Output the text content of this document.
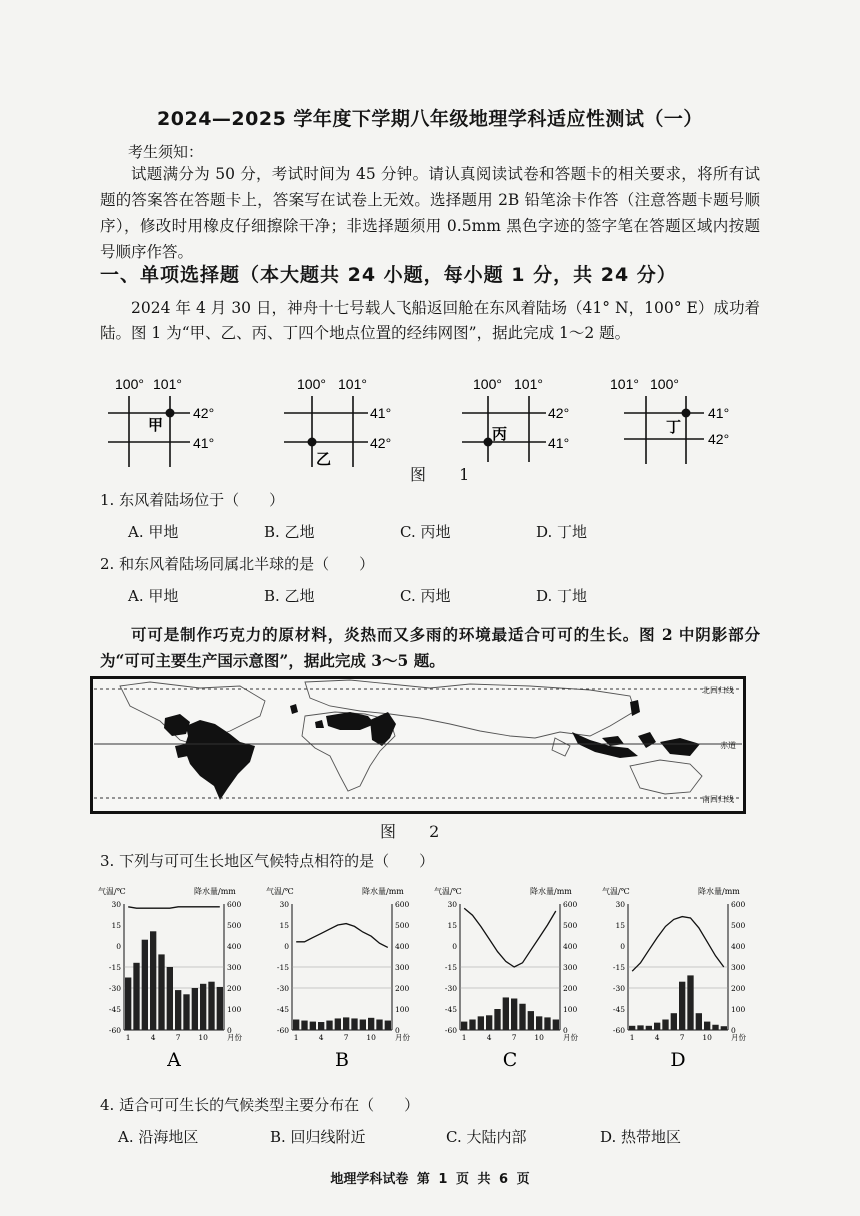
2024—2025 学年度下学期八年级地理学科适应性测试（一）
考生须知：
试题满分为 50 分，考试时间为 45 分钟。请认真阅读试卷和答题卡的相关要求，将所有试题的答案答在答题卡上，答案写在试卷上无效。选择题用 2B 铅笔涂卡作答（注意答题卡题号顺序），修改时用橡皮仔细擦除干净；非选择题须用 0.5mm 黑色字迹的签字笔在答题区域内按题号顺序作答。
一、单项选择题（本大题共 24 小题，每小题 1 分，共 24 分）
2024 年 4 月 30 日，神舟十七号载人飞船返回舱在东风着陆场（41° N，100° E）成功着陆。图 1 为“甲、乙、丙、丁四个地点位置的经纬网图”，据此完成 1～2 题。
100° 101°
42°
41°
甲
100° 101°
41°
42°
乙
100° 101°
42°
41°
丙
101° 100°
41°
42°
丁
图 1
1. 东风着陆场位于（　　）
A. 甲地	B. 乙地	C. 丙地	D. 丁地
2. 和东风着陆场同属北半球的是（　　）
A. 甲地	B. 乙地	C. 丙地	D. 丁地
可可是制作巧克力的原材料，炎热而又多雨的环境最适合可可的生长。图 2 中阴影部分为“可可主要生产国示意图”，据此完成 3～5 题。
北回归线
赤道
南回归线
图 2
3. 下列与可可生长地区气候特点相符的是（　　）
气温/℃	降水量/mm
30
15
0
-15
-30
-45
-60
600
500
400
300
200
100
0
1	4	7 10	月份
A
气温/℃	降水量/mm
30
15
0
-15
-30
-45
-60
600
500
400
300
200
100
0
1	4	7 10	月份
B
气温/℃	降水量/mm
30
15
0
-15
-30
-45
-60
600
500
400
300
200
100
0
1	4	7 10	月份
C
气温/℃	降水量/mm
30
15
0
-15
-30
-45
-60
600
500
400
300
200
100
0
1	4	7 10	月份
D
4. 适合可可生长的气候类型主要分布在（　　）
A. 沿海地区	B. 回归线附近	C. 大陆内部	D. 热带地区
地理学科试卷 第 1 页 共 6 页
